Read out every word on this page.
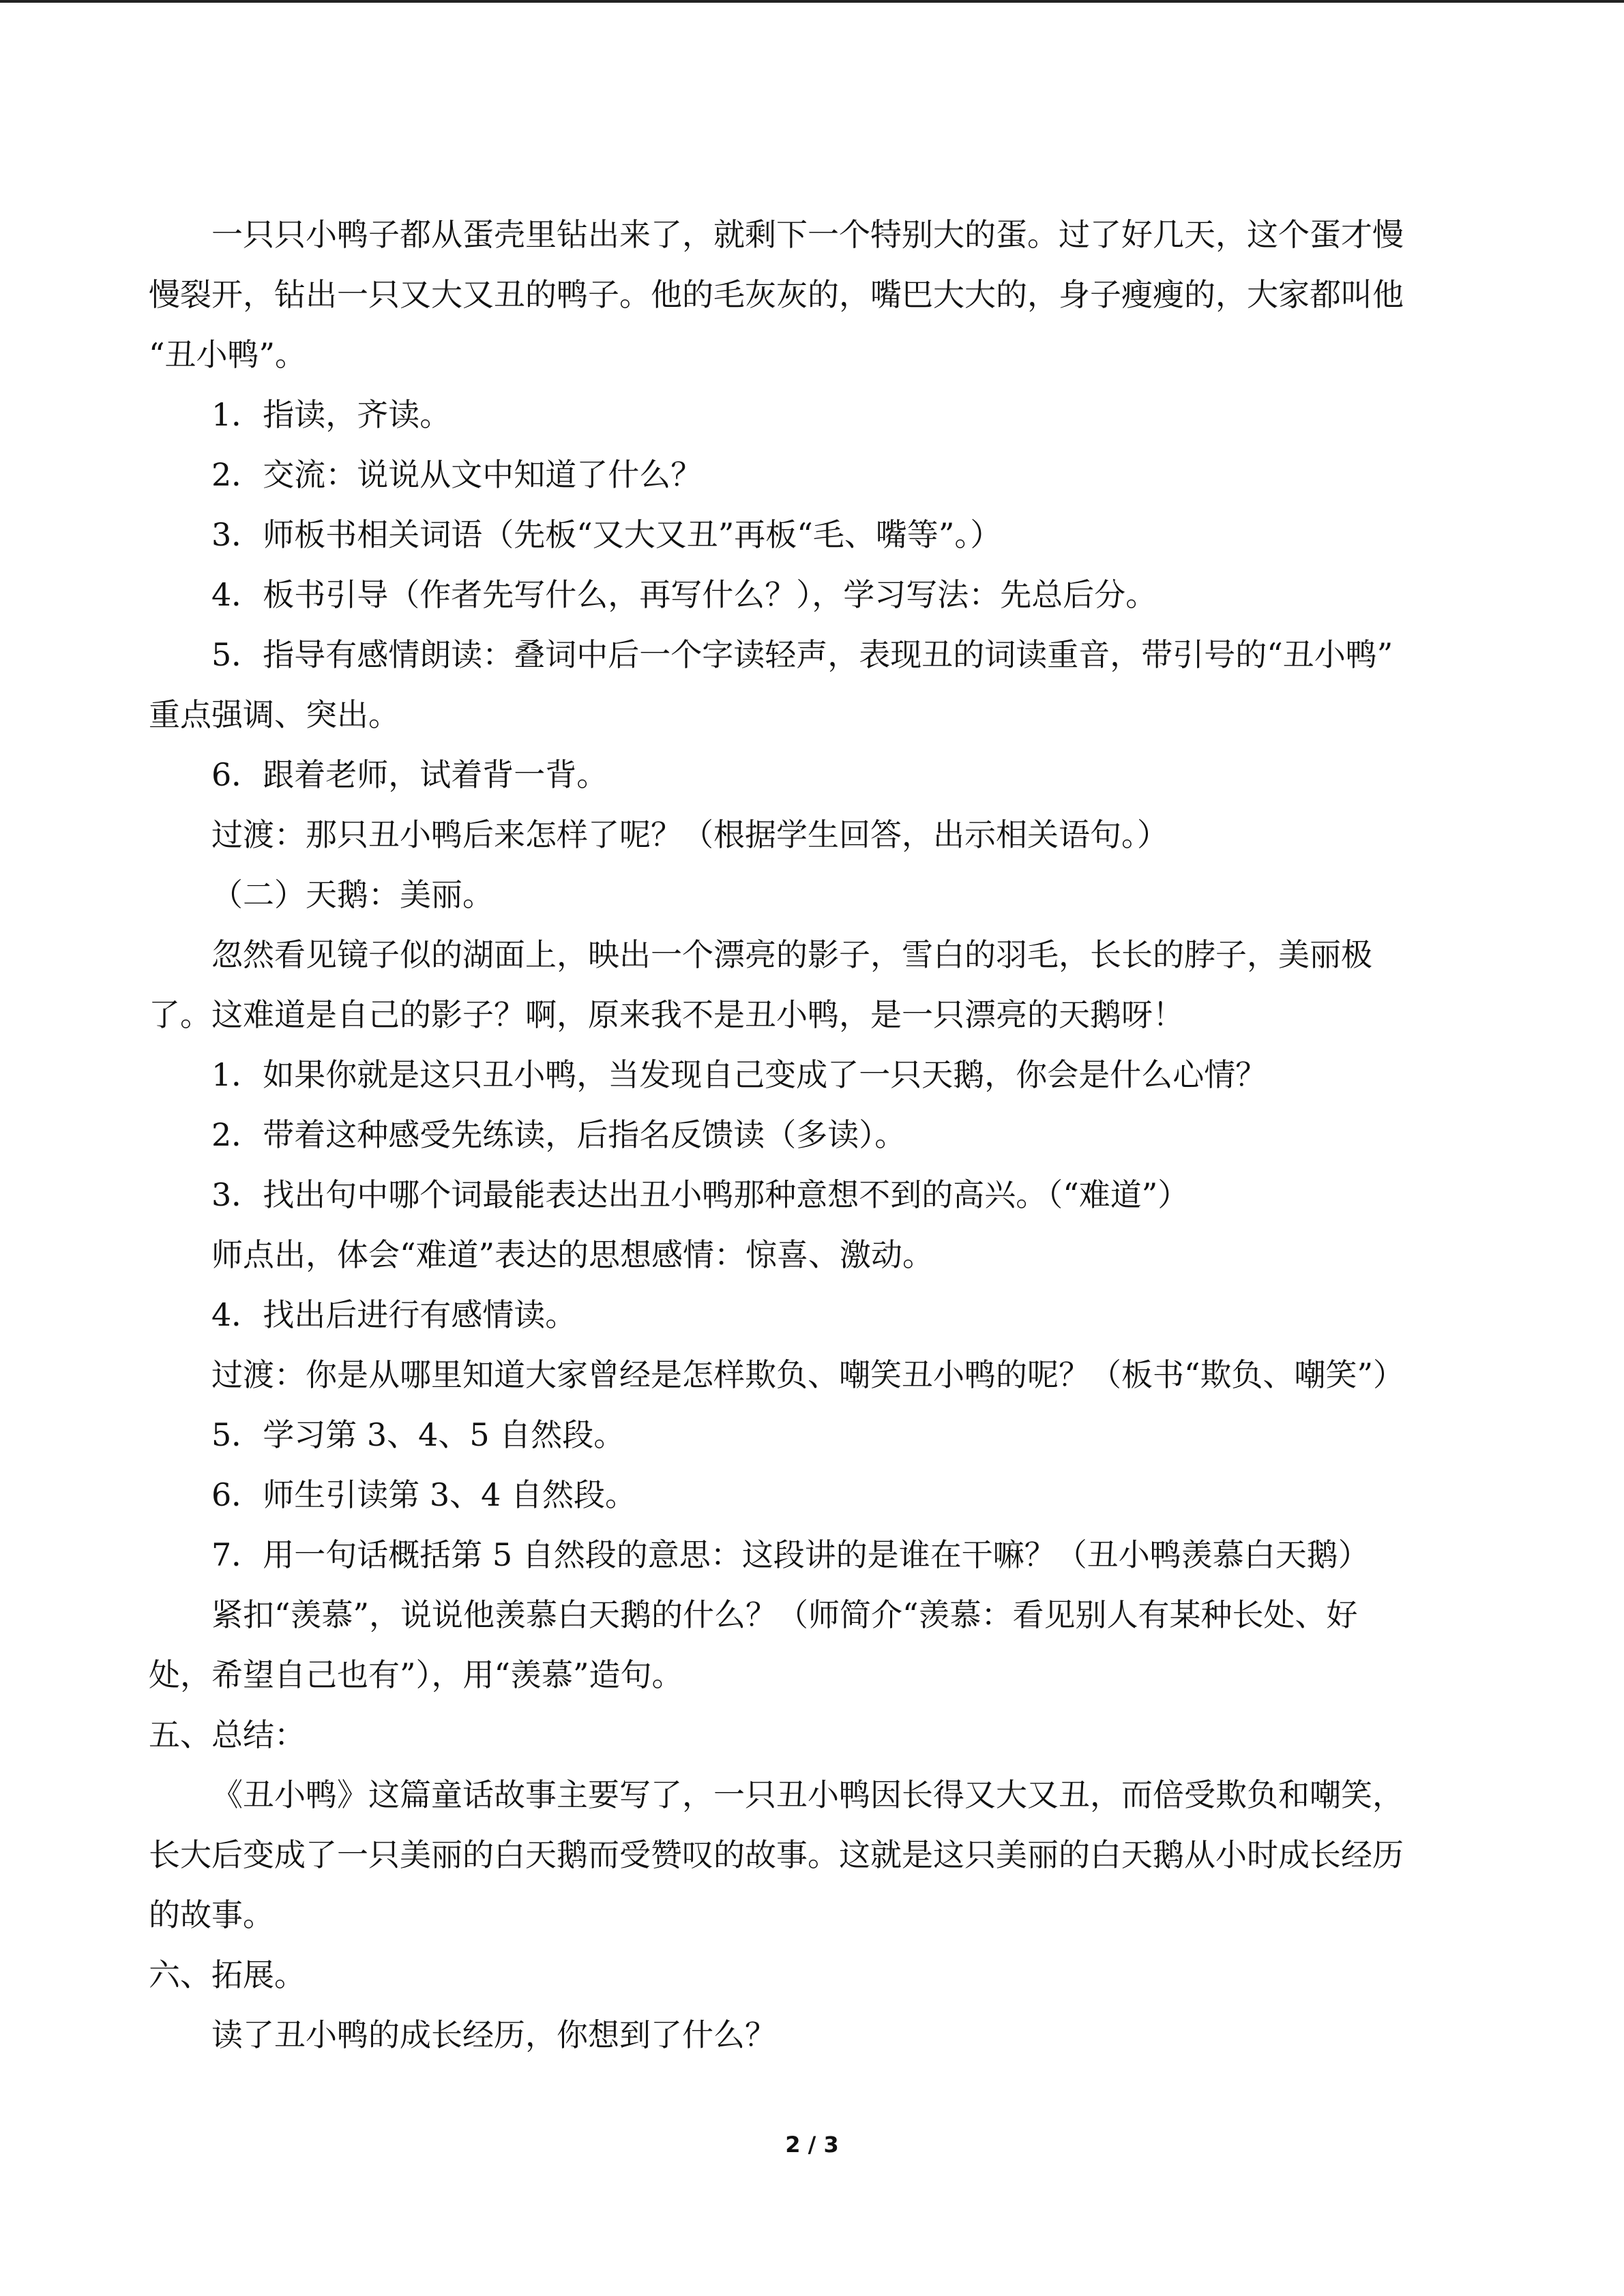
一只只小鸭子都从蛋壳里钻出来了，就剩下一个特别大的蛋。过了好几天，这个蛋才慢
慢裂开，钻出一只又大又丑的鸭子。他的毛灰灰的，嘴巴大大的，身子瘦瘦的，大家都叫他
“丑小鸭”。
1．指读，齐读。
2．交流：说说从文中知道了什么？
3．师板书相关词语（先板“又大又丑”再板“毛、嘴等”。）
4．板书引导（作者先写什么，再写什么？），学习写法：先总后分。
5．指导有感情朗读：叠词中后一个字读轻声，表现丑的词读重音，带引号的“丑小鸭”
重点强调、突出。
6．跟着老师，试着背一背。
过渡：那只丑小鸭后来怎样了呢？（根据学生回答，出示相关语句。）
（二）天鹅：美丽。
忽然看见镜子似的湖面上，映出一个漂亮的影子，雪白的羽毛，长长的脖子，美丽极
了。这难道是自己的影子？啊，原来我不是丑小鸭，是一只漂亮的天鹅呀！
1．如果你就是这只丑小鸭，当发现自己变成了一只天鹅，你会是什么心情？
2．带着这种感受先练读，后指名反馈读（多读）。
3．找出句中哪个词最能表达出丑小鸭那种意想不到的高兴。（“难道”）
师点出，体会“难道”表达的思想感情：惊喜、激动。
4．找出后进行有感情读。
过渡：你是从哪里知道大家曾经是怎样欺负、嘲笑丑小鸭的呢？（板书“欺负、嘲笑”）
5．学习第 3、4、5 自然段。
6．师生引读第 3、4 自然段。
7．用一句话概括第 5 自然段的意思：这段讲的是谁在干嘛？（丑小鸭羡慕白天鹅）
紧扣“羡慕”，说说他羡慕白天鹅的什么？（师简介“羡慕：看见别人有某种长处、好
处，希望自己也有”），用“羡慕”造句。
五、总结：
《丑小鸭》这篇童话故事主要写了，一只丑小鸭因长得又大又丑，而倍受欺负和嘲笑，
长大后变成了一只美丽的白天鹅而受赞叹的故事。这就是这只美丽的白天鹅从小时成长经历
的故事。
六、拓展。
读了丑小鸭的成长经历，你想到了什么？
2 / 3
